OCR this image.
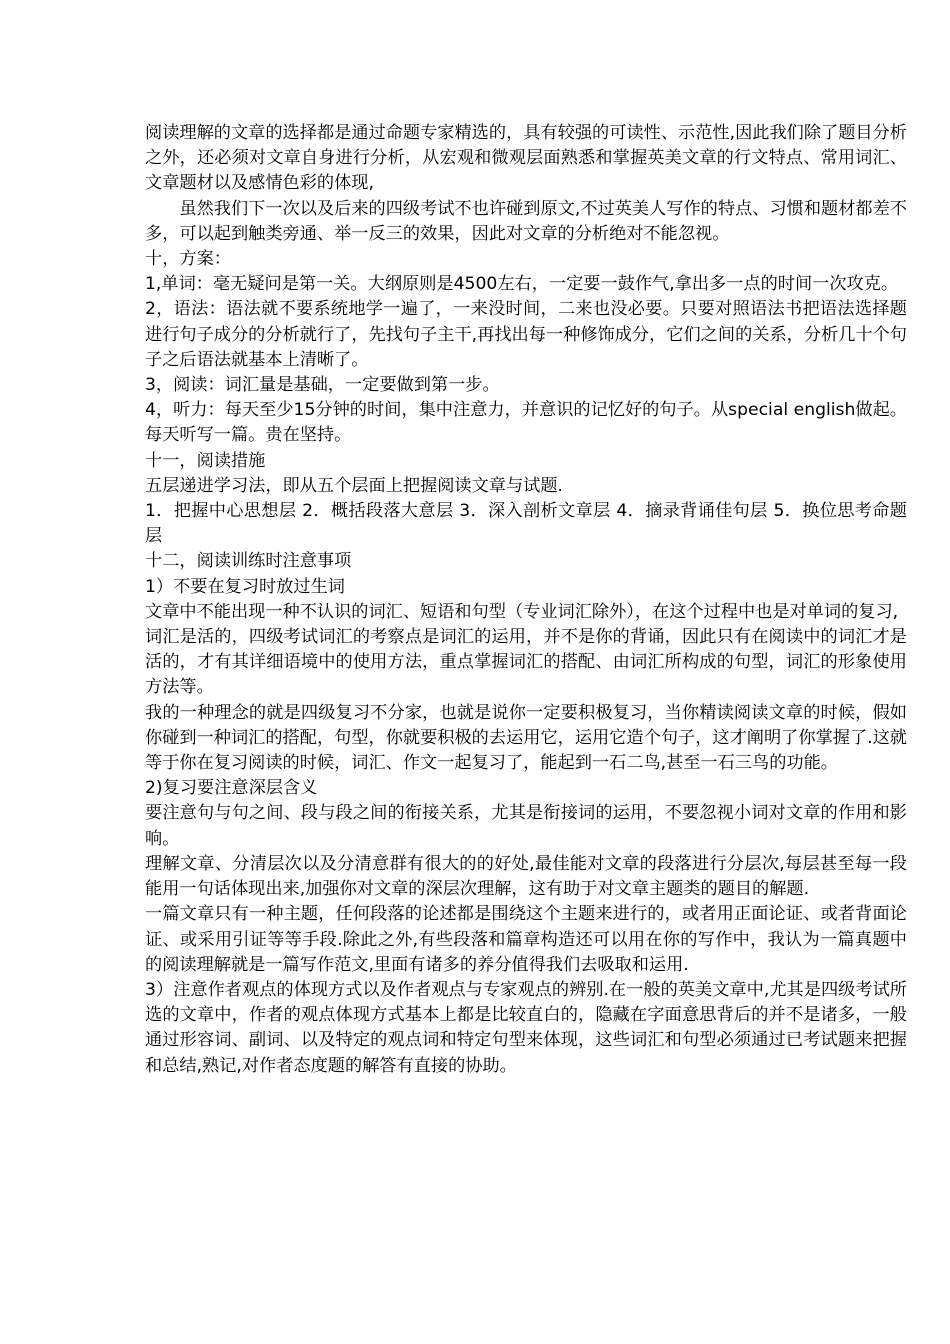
阅读理解的文章的选择都是通过命题专家精选的，具有较强的可读性、示范性,因此我们除了题目分析之外，还必须对文章自身进行分析，从宏观和微观层面熟悉和掌握英美文章的行文特点、常用词汇、文章题材以及感情色彩的体现,

虽然我们下一次以及后来的四级考试不也许碰到原文,不过英美人写作的特点、习惯和题材都差不多，可以起到触类旁通、举一反三的效果，因此对文章的分析绝对不能忽视。

十，方案：

1,单词：毫无疑问是第一关。大纲原则是4500左右，一定要一鼓作气,拿出多一点的时间一次攻克。

2，语法：语法就不要系统地学一遍了，一来没时间，二来也没必要。只要对照语法书把语法选择题进行句子成分的分析就行了，先找句子主干,再找出每一种修饰成分，它们之间的关系，分析几十个句子之后语法就基本上清晰了。

3，阅读：词汇量是基础，一定要做到第一步。

4，听力：每天至少15分钟的时间，集中注意力，并意识的记忆好的句子。从special english做起。每天听写一篇。贵在坚持。

十一，阅读措施

五层递进学习法，即从五个层面上把握阅读文章与试题.

1．把握中心思想层 2．概括段落大意层 3．深入剖析文章层 4．摘录背诵佳句层 5．换位思考命题层

十二，阅读训练时注意事项

1）不要在复习时放过生词

文章中不能出现一种不认识的词汇、短语和句型（专业词汇除外），在这个过程中也是对单词的复习,

词汇是活的，四级考试词汇的考察点是词汇的运用，并不是你的背诵，因此只有在阅读中的词汇才是活的，才有其详细语境中的使用方法，重点掌握词汇的搭配、由词汇所构成的句型，词汇的形象使用方法等。

我的一种理念的就是四级复习不分家，也就是说你一定要积极复习，当你精读阅读文章的时候，假如你碰到一种词汇的搭配，句型，你就要积极的去运用它，运用它造个句子，这才阐明了你掌握了.这就等于你在复习阅读的时候，词汇、作文一起复习了，能起到一石二鸟,甚至一石三鸟的功能。

2)复习要注意深层含义

要注意句与句之间、段与段之间的衔接关系，尤其是衔接词的运用，不要忽视小词对文章的作用和影响。

理解文章、分清层次以及分清意群有很大的的好处,最佳能对文章的段落进行分层次,每层甚至每一段能用一句话体现出来,加强你对文章的深层次理解，这有助于对文章主题类的题目的解题.

一篇文章只有一种主题，任何段落的论述都是围绕这个主题来进行的，或者用正面论证、或者背面论证、或采用引证等等手段.除此之外,有些段落和篇章构造还可以用在你的写作中，我认为一篇真题中的阅读理解就是一篇写作范文,里面有诸多的养分值得我们去吸取和运用.

3）注意作者观点的体现方式以及作者观点与专家观点的辨别.在一般的英美文章中,尤其是四级考试所选的文章中，作者的观点体现方式基本上都是比较直白的，隐藏在字面意思背后的并不是诸多，一般通过形容词、副词、以及特定的观点词和特定句型来体现，这些词汇和句型必须通过已考试题来把握和总结,熟记,对作者态度题的解答有直接的协助。
